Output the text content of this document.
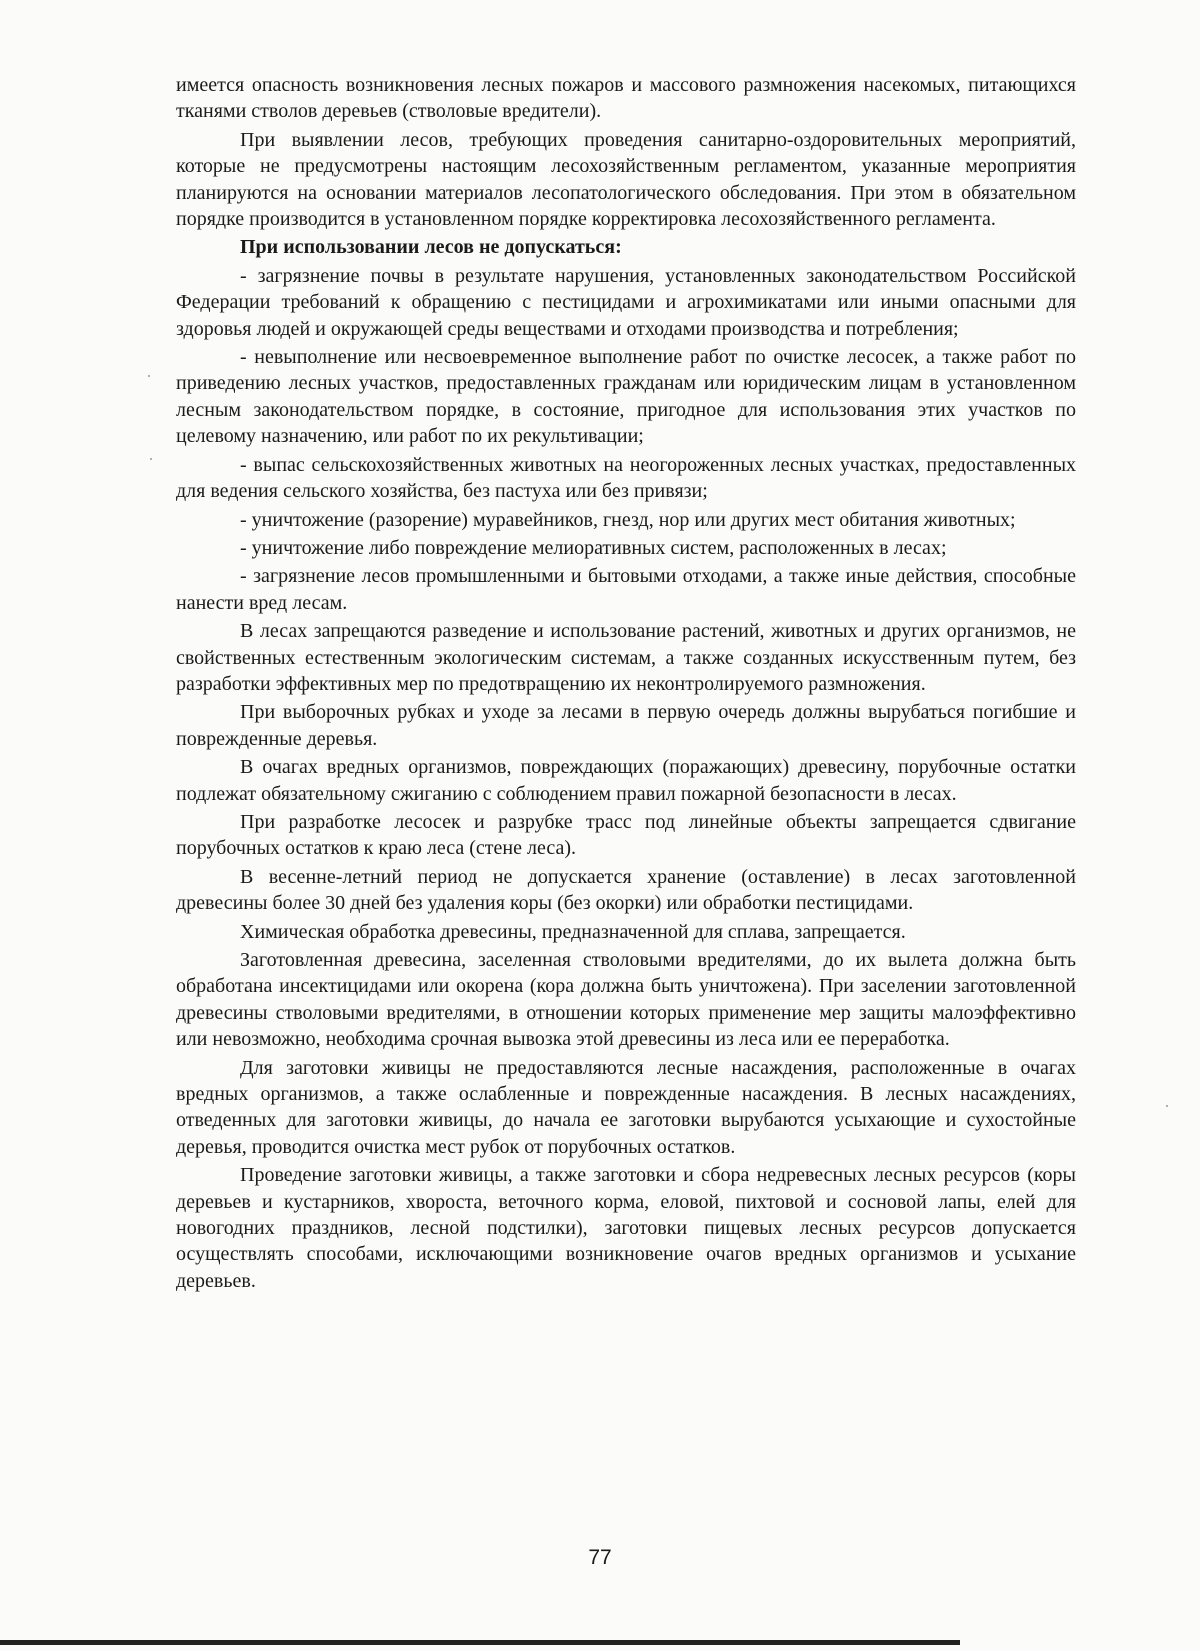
имеется опасность возникновения лесных пожаров и массового размножения насекомых, питающихся тканями стволов деревьев (стволовые вредители).

При выявлении лесов, требующих проведения санитарно-оздоровительных мероприятий, которые не предусмотрены настоящим лесохозяйственным регламентом, указанные мероприятия планируются на основании материалов лесопатологического обследования. При этом в обязательном порядке производится в установленном порядке корректировка лесохозяйственного регламента.

При использовании лесов не допускаться:

- загрязнение почвы в результате нарушения, установленных законодательством Российской Федерации требований к обращению с пестицидами и агрохимикатами или иными опасными для здоровья людей и окружающей среды веществами и отходами производства и потребления;

- невыполнение или несвоевременное выполнение работ по очистке лесосек, а также работ по приведению лесных участков, предоставленных гражданам или юридическим лицам в установленном лесным законодательством порядке, в состояние, пригодное для использования этих участков по целевому назначению, или работ по их рекультивации;

- выпас сельскохозяйственных животных на неогороженных лесных участках, предоставленных для ведения сельского хозяйства, без пастуха или без привязи;

- уничтожение (разорение) муравейников, гнезд, нор или других мест обитания животных;

- уничтожение либо повреждение мелиоративных систем, расположенных в лесах;

- загрязнение лесов промышленными и бытовыми отходами, а также иные действия, способные нанести вред лесам.

В лесах запрещаются разведение и использование растений, животных и других организмов, не свойственных естественным экологическим системам, а также созданных искусственным путем, без разработки эффективных мер по предотвращению их неконтролируемого размножения.

При выборочных рубках и уходе за лесами в первую очередь должны вырубаться погибшие и поврежденные деревья.

В очагах вредных организмов, повреждающих (поражающих) древесину, порубочные остатки подлежат обязательному сжиганию с соблюдением правил пожарной безопасности в лесах.

При разработке лесосек и разрубке трасс под линейные объекты запрещается сдвигание порубочных остатков к краю леса (стене леса).

В весенне-летний период не допускается хранение (оставление) в лесах заготовленной древесины более 30 дней без удаления коры (без окорки) или обработки пестицидами.

Химическая обработка древесины, предназначенной для сплава, запрещается.

Заготовленная древесина, заселенная стволовыми вредителями, до их вылета должна быть обработана инсектицидами или окорена (кора должна быть уничтожена). При заселении заготовленной древесины стволовыми вредителями, в отношении которых применение мер защиты малоэффективно или невозможно, необходима срочная вывозка этой древесины из леса или ее переработка.

Для заготовки живицы не предоставляются лесные насаждения, расположенные в очагах вредных организмов, а также ослабленные и поврежденные насаждения. В лесных насаждениях, отведенных для заготовки живицы, до начала ее заготовки вырубаются усыхающие и сухостойные деревья, проводится очистка мест рубок от порубочных остатков.

Проведение заготовки живицы, а также заготовки и сбора недревесных лесных ресурсов (коры деревьев и кустарников, хвороста, веточного корма, еловой, пихтовой и сосновой лапы, елей для новогодних праздников, лесной подстилки), заготовки пищевых лесных ресурсов допускается осуществлять способами, исключающими возникновение очагов вредных организмов и усыхание деревьев.

77
